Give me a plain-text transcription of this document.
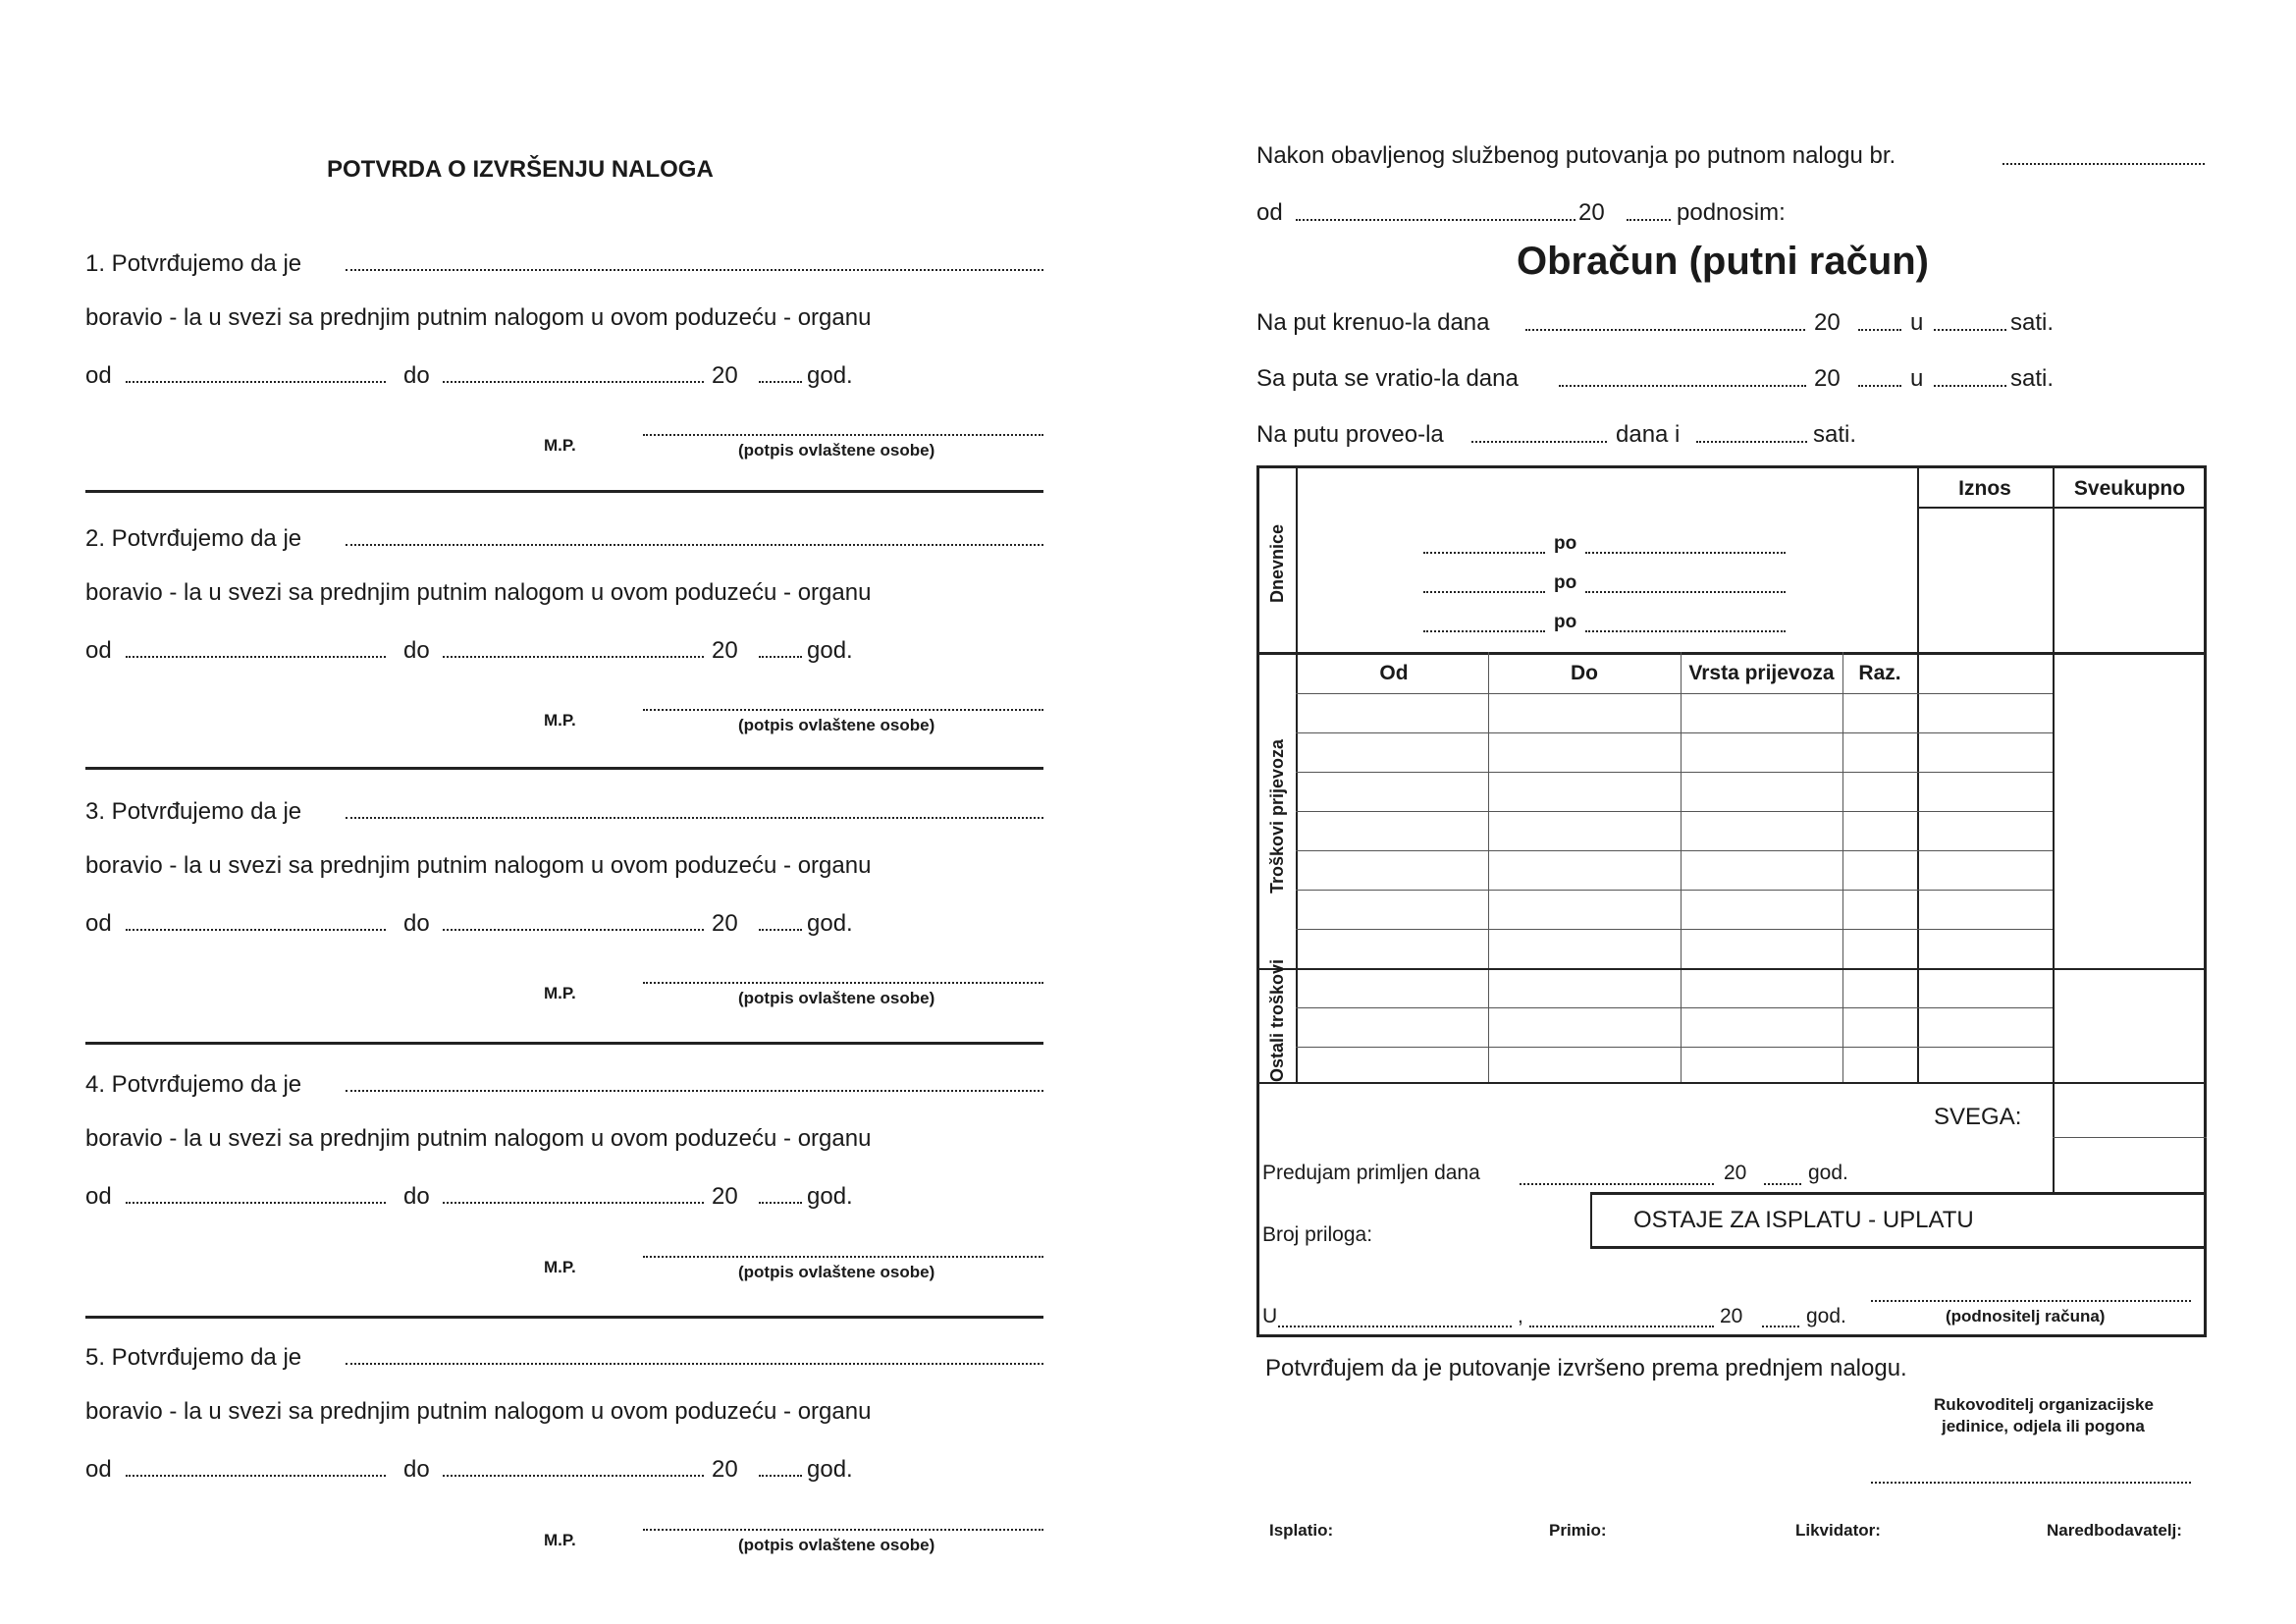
POTVRDA O IZVRŠENJU NALOGA
1. Potvrđujemo da je
boravio - la u svezi sa prednjim putnim nalogom u ovom poduzeću - organu
od	do	20	god.
M.P.	(potpis ovlaštene osobe)
2. Potvrđujemo da je
boravio - la u svezi sa prednjim putnim nalogom u ovom poduzeću - organu
od	do	20	god.
M.P.	(potpis ovlaštene osobe)
3. Potvrđujemo da je
boravio - la u svezi sa prednjim putnim nalogom u ovom poduzeću - organu
od	do	20	god.
M.P.	(potpis ovlaštene osobe)
4. Potvrđujemo da je
boravio - la u svezi sa prednjim putnim nalogom u ovom poduzeću - organu
od	do	20	god.
M.P.	(potpis ovlaštene osobe)
5. Potvrđujemo da je
boravio - la u svezi sa prednjim putnim nalogom u ovom poduzeću - organu
od	do	20	god.
M.P.	(potpis ovlaštene osobe)
Nakon obavljenog službenog putovanja po putnom nalogu br.
od	20	podnosim:
Obračun (putni račun)
Na put krenuo-la dana	20	u	sati.
Sa puta se vratio-la dana	20	u	sati.
Na putu proveo-la	dana i	sati.
Iznos	Sveukupno
Dnevnice	po
po
po
Od	Do	Vrsta prijevoza	Raz.
Troškovi prijevoza
Ostali troškovi
SVEGA:
Predujam primljen dana	20	god.
OSTAJE ZA ISPLATU - UPLATU
Broj priloga:
U	,	20	god.	(podnositelj računa)
Potvrđujem da je putovanje izvršeno prema prednjem nalogu.
Rukovoditelj organizacijske
jedinice, odjela ili pogona
Isplatio:	Primio:	Likvidator:	Naredbodavatelj:
